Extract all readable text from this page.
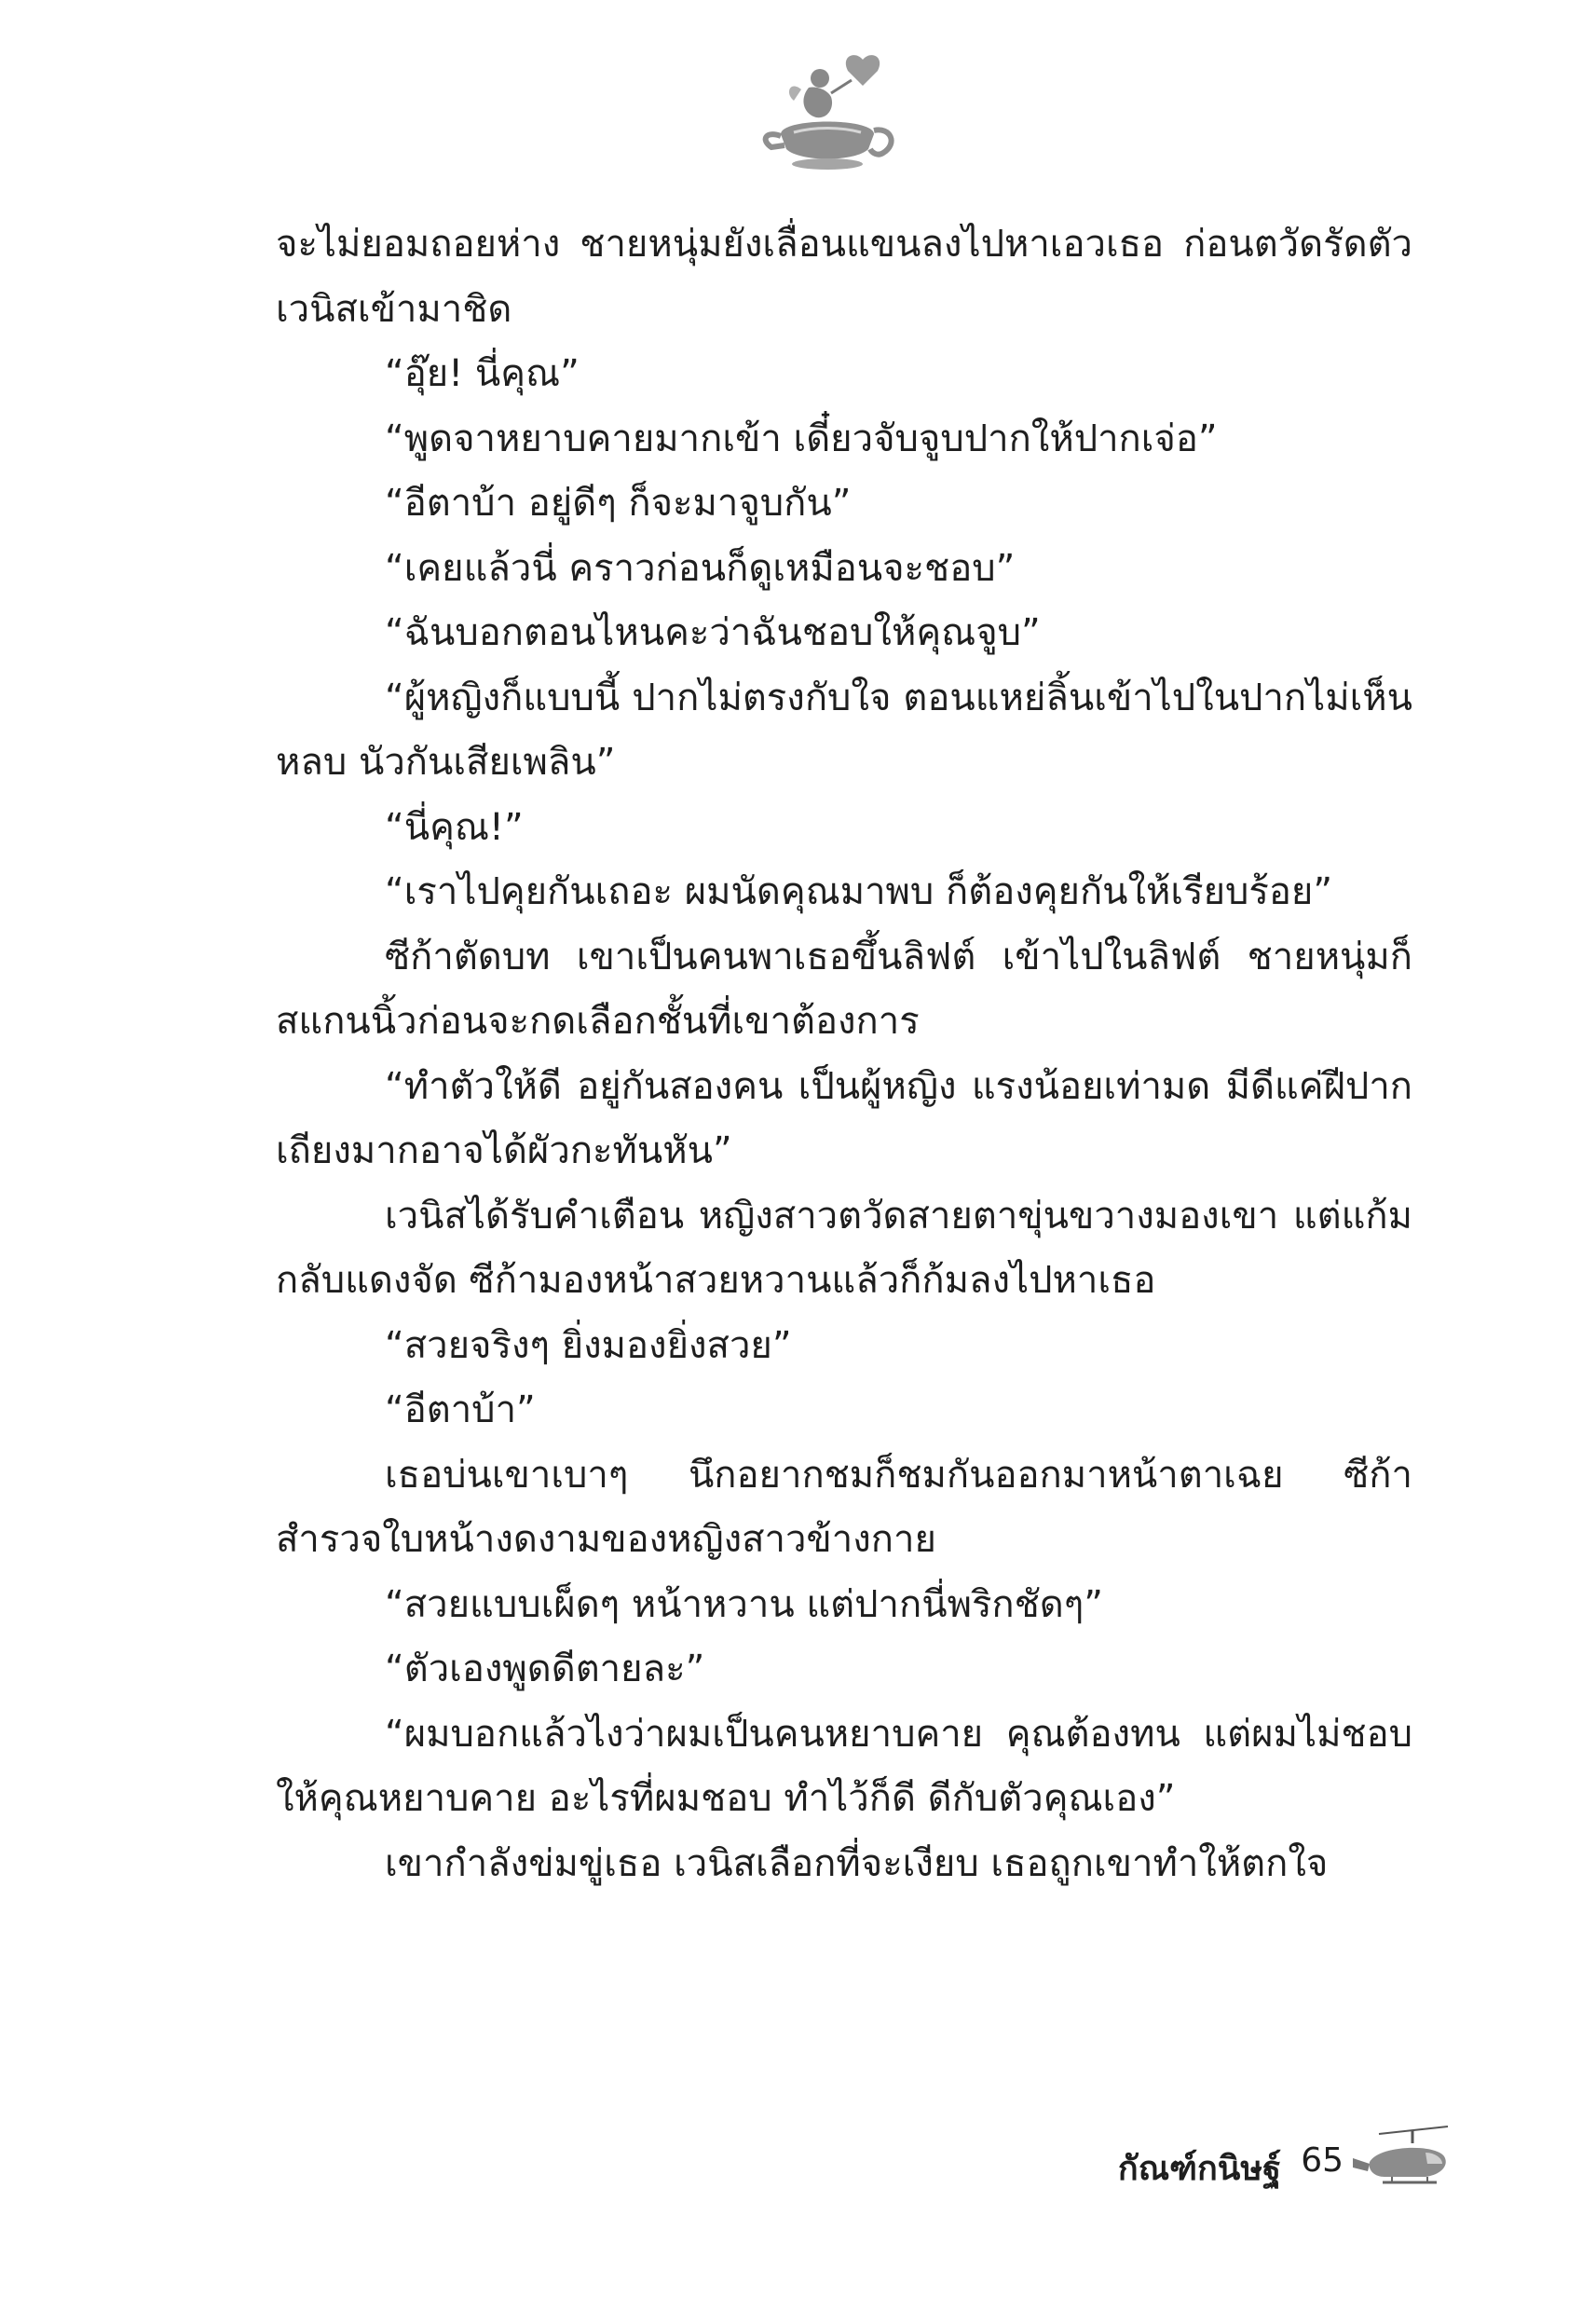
จะไม่ยอมถอยห่าง ชายหนุ่มยังเลื่อนแขนลงไปหาเอวเธอ ก่อนตวัดรัดตัวเวนิสเข้ามาชิด

“อุ๊ย! นี่คุณ”

“พูดจาหยาบคายมากเข้า เดี๋ยวจับจูบปากให้ปากเจ่อ”

“อีตาบ้า อยู่ดีๆ ก็จะมาจูบกัน”

“เคยแล้วนี่ คราวก่อนก็ดูเหมือนจะชอบ”

“ฉันบอกตอนไหนคะว่าฉันชอบให้คุณจูบ”

“ผู้หญิงก็แบบนี้ ปากไม่ตรงกับใจ ตอนแหย่ลิ้นเข้าไปในปากไม่เห็นหลบ นัวกันเสียเพลิน”

“นี่คุณ!”

“เราไปคุยกันเถอะ ผมนัดคุณมาพบ ก็ต้องคุยกันให้เรียบร้อย”

ซีก้าตัดบท เขาเป็นคนพาเธอขึ้นลิฟต์ เข้าไปในลิฟต์ ชายหนุ่มก็สแกนนิ้วก่อนจะกดเลือกชั้นที่เขาต้องการ

“ทำตัวให้ดี อยู่กันสองคน เป็นผู้หญิง แรงน้อยเท่ามด มีดีแค่ฝีปาก เถียงมากอาจได้ผัวกะทันหัน”

เวนิสได้รับคำเตือน หญิงสาวตวัดสายตาขุ่นขวางมองเขา แต่แก้มกลับแดงจัด ซีก้ามองหน้าสวยหวานแล้วก็ก้มลงไปหาเธอ

“สวยจริงๆ ยิ่งมองยิ่งสวย”

“อีตาบ้า”

เธอบ่นเขาเบาๆ นึกอยากชมก็ชมกันออกมาหน้าตาเฉย ซีก้าสำรวจใบหน้างดงามของหญิงสาวข้างกาย

“สวยแบบเผ็ดๆ หน้าหวาน แต่ปากนี่พริกชัดๆ”

“ตัวเองพูดดีตายละ”

“ผมบอกแล้วไงว่าผมเป็นคนหยาบคาย คุณต้องทน แต่ผมไม่ชอบให้คุณหยาบคาย อะไรที่ผมชอบ ทำไว้ก็ดี ดีกับตัวคุณเอง”

เขากำลังข่มขู่เธอ เวนิสเลือกที่จะเงียบ เธอถูกเขาทำให้ตกใจ

กัณฑ์กนิษฐ์ 65
